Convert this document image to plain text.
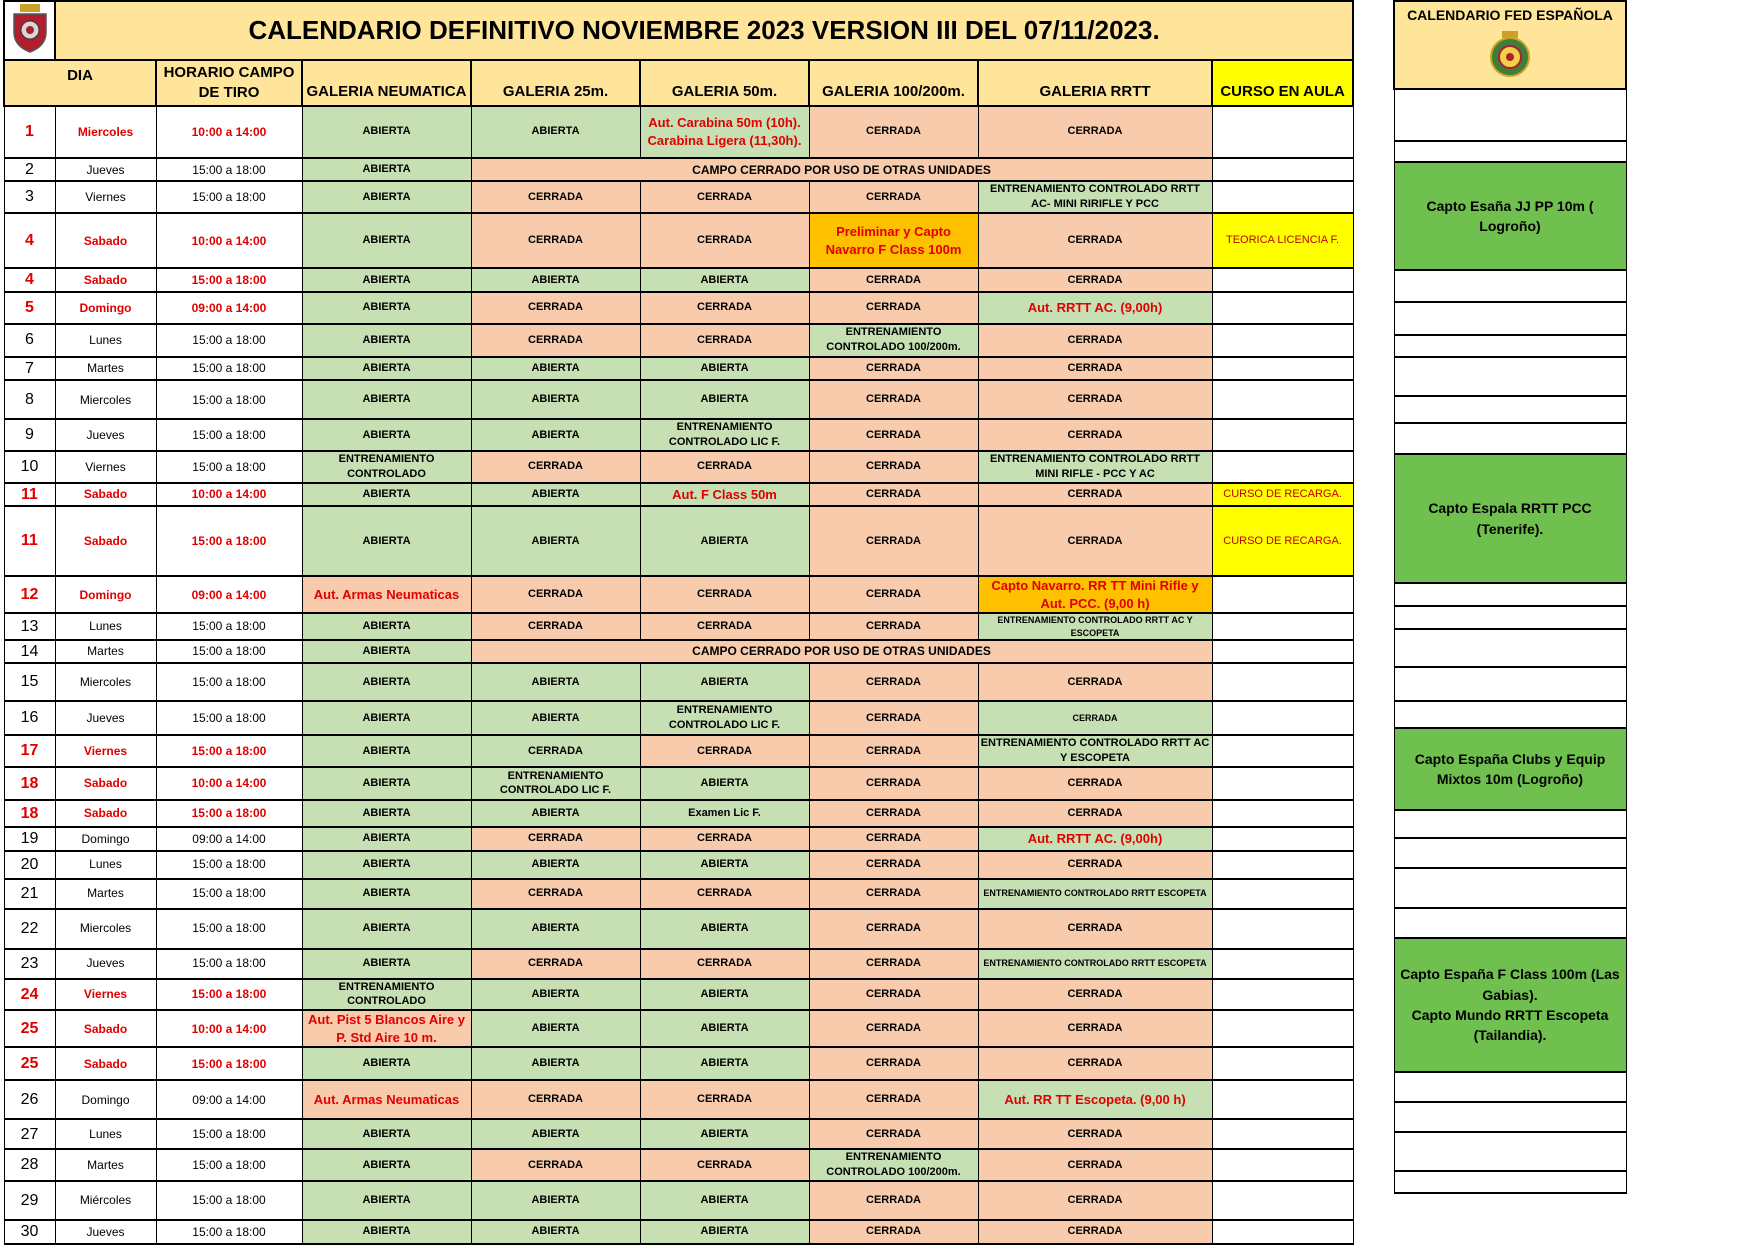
	CALENDARIO DEFINITIVO NOVIEMBRE 2023 VERSION III DEL 07/11/2023.							
DIA		HORARIO CAMPO DE TIRO	GALERIA NEUMATICA	GALERIA 25m.	GALERIA 50m.	GALERIA 100/200m.	GALERIA RRTT	CURSO EN AULA
1	Miercoles	10:00 a 14:00	ABIERTA	ABIERTA	Aut. Carabina 50m (10h). Carabina Ligera (11,30h).	CERRADA	CERRADA	
2	Jueves	15:00 a 18:00	ABIERTA	CAMPO CERRADO POR USO DE OTRAS UNIDADES				
3	Viernes	15:00 a 18:00	ABIERTA	CERRADA	CERRADA	CERRADA	ENTRENAMIENTO CONTROLADO RRTT AC- MINI RIRIFLE Y PCC	
4	Sabado	10:00 a 14:00	ABIERTA	CERRADA	CERRADA	Preliminar y Capto Navarro F Class 100m	CERRADA	TEORICA LICENCIA F.
4	Sabado	15:00 a 18:00	ABIERTA	ABIERTA	ABIERTA	CERRADA	CERRADA	
5	Domingo	09:00 a 14:00	ABIERTA	CERRADA	CERRADA	CERRADA	Aut. RRTT AC. (9,00h)	
6	Lunes	15:00 a 18:00	ABIERTA	CERRADA	CERRADA	ENTRENAMIENTO CONTROLADO 100/200m.	CERRADA	
7	Martes	15:00 a 18:00	ABIERTA	ABIERTA	ABIERTA	CERRADA	CERRADA	
8	Miercoles	15:00 a 18:00	ABIERTA	ABIERTA	ABIERTA	CERRADA	CERRADA	
9	Jueves	15:00 a 18:00	ABIERTA	ABIERTA	ENTRENAMIENTO CONTROLADO LIC F.	CERRADA	CERRADA	
10	Viernes	15:00 a 18:00	ENTRENAMIENTO CONTROLADO	CERRADA	CERRADA	CERRADA	ENTRENAMIENTO CONTROLADO RRTT MINI RIFLE - PCC Y AC	
11	Sabado	10:00 a 14:00	ABIERTA	ABIERTA	Aut. F Class 50m	CERRADA	CERRADA	CURSO DE RECARGA.
11	Sabado	15:00 a 18:00	ABIERTA	ABIERTA	ABIERTA	CERRADA	CERRADA	CURSO DE RECARGA.
12	Domingo	09:00 a 14:00	Aut. Armas Neumaticas	CERRADA	CERRADA	CERRADA	Capto Navarro. RR TT Mini Rifle y Aut. PCC. (9,00 h)	
13	Lunes	15:00 a 18:00	ABIERTA	CERRADA	CERRADA	CERRADA	ENTRENAMIENTO CONTROLADO RRTT AC Y ESCOPETA	
14	Martes	15:00 a 18:00	ABIERTA	CAMPO CERRADO POR USO DE OTRAS UNIDADES				
15	Miercoles	15:00 a 18:00	ABIERTA	ABIERTA	ABIERTA	CERRADA	CERRADA	
16	Jueves	15:00 a 18:00	ABIERTA	ABIERTA	ENTRENAMIENTO CONTROLADO LIC F.	CERRADA	CERRADA	
17	Viernes	15:00 a 18:00	ABIERTA	CERRADA	CERRADA	CERRADA	ENTRENAMIENTO CONTROLADO RRTT AC Y ESCOPETA	
18	Sabado	10:00 a 14:00	ABIERTA	ENTRENAMIENTO CONTROLADO LIC F.	ABIERTA	CERRADA	CERRADA	
18	Sabado	15:00 a 18:00	ABIERTA	ABIERTA	Examen Lic F.	CERRADA	CERRADA	
19	Domingo	09:00 a 14:00	ABIERTA	CERRADA	CERRADA	CERRADA	Aut. RRTT AC. (9,00h)	
20	Lunes	15:00 a 18:00	ABIERTA	ABIERTA	ABIERTA	CERRADA	CERRADA	
21	Martes	15:00 a 18:00	ABIERTA	CERRADA	CERRADA	CERRADA	ENTRENAMIENTO CONTROLADO RRTT ESCOPETA	
22	Miercoles	15:00 a 18:00	ABIERTA	ABIERTA	ABIERTA	CERRADA	CERRADA	
23	Jueves	15:00 a 18:00	ABIERTA	CERRADA	CERRADA	CERRADA	ENTRENAMIENTO CONTROLADO RRTT ESCOPETA	
24	Viernes	15:00 a 18:00	ENTRENAMIENTO CONTROLADO	ABIERTA	ABIERTA	CERRADA	CERRADA	
25	Sabado	10:00 a 14:00	Aut. Pist 5 Blancos Aire y P. Std Aire 10 m.	ABIERTA	ABIERTA	CERRADA	CERRADA	
25	Sabado	15:00 a 18:00	ABIERTA	ABIERTA	ABIERTA	CERRADA	CERRADA	
26	Domingo	09:00 a 14:00	Aut. Armas Neumaticas	CERRADA	CERRADA	CERRADA	Aut. RR TT Escopeta. (9,00 h)	
27	Lunes	15:00 a 18:00	ABIERTA	ABIERTA	ABIERTA	CERRADA	CERRADA	
28	Martes	15:00 a 18:00	ABIERTA	CERRADA	CERRADA	ENTRENAMIENTO CONTROLADO 100/200m.	CERRADA	
29	Miércoles	15:00 a 18:00	ABIERTA	ABIERTA	ABIERTA	CERRADA	CERRADA	
30	Jueves	15:00 a 18:00	ABIERTA	ABIERTA	ABIERTA	CERRADA	CERRADA	
CALENDARIO FED ESPAÑOLA

Capto Esaña JJ PP 10m ( Logroño)

Capto Espala RRTT PCC (Tenerife).

Capto España Clubs y Equip Mixtos 10m (Logroño)

Capto España F Class 100m (Las Gabias).
Capto Mundo RRTT Escopeta (Tailandia).
